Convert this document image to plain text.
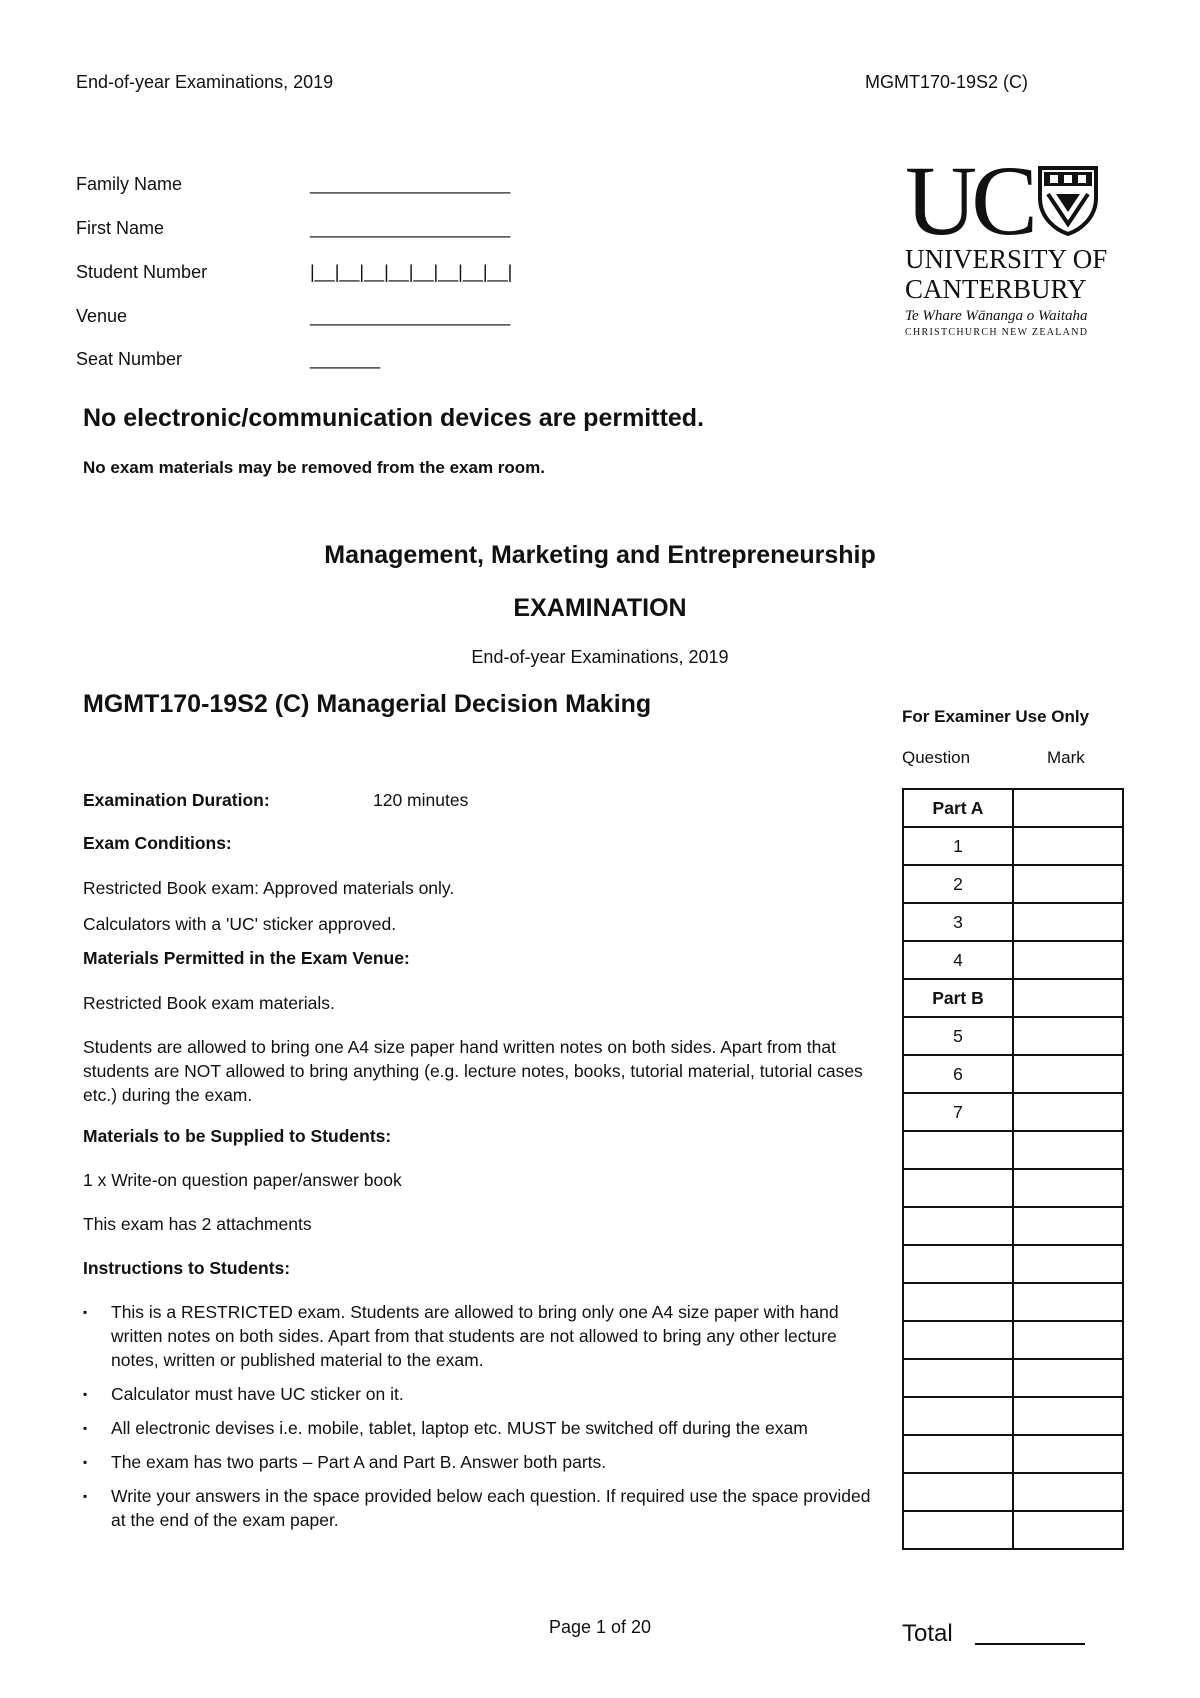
End-of-year Examinations, 2019	MGMT170-19S2 (C)
Family Name	____________________
First Name	____________________
Student Number	|__|__|__|__|__|__|__|__|
Venue	____________________
Seat Number	_______
UC
UNIVERSITY OF
CANTERBURY
Te Whare Wānanga o Waitaha
CHRISTCHURCH NEW ZEALAND
No electronic/communication devices are permitted.
No exam materials may be removed from the exam room.
Management, Marketing and Entrepreneurship
EXAMINATION
End-of-year Examinations, 2019
MGMT170-19S2 (C) Managerial Decision Making
Examination Duration:	120 minutes
Exam Conditions:
Restricted Book exam: Approved materials only.
Calculators with a 'UC' sticker approved.
Materials Permitted in the Exam Venue:
Restricted Book exam materials.
Students are allowed to bring one A4 size paper hand written notes on both sides. Apart from that students are NOT allowed to bring anything (e.g. lecture notes, books, tutorial material, tutorial cases etc.) during the exam.
Materials to be Supplied to Students:
1 x Write-on question paper/answer book
This exam has 2 attachments
Instructions to Students:
▪ This is a RESTRICTED exam. Students are allowed to bring only one A4 size paper with hand written notes on both sides. Apart from that students are not allowed to bring any other lecture notes, written or published material to the exam.
▪ Calculator must have UC sticker on it.
▪ All electronic devises i.e. mobile, tablet, laptop etc. MUST be switched off during the exam
▪ The exam has two parts – Part A and Part B. Answer both parts.
▪ Write your answers in the space provided below each question. If required use the space provided at the end of the exam paper.
For Examiner Use Only
Question	Mark
Part A	
1	
2	
3	
4	
Part B	
5	
6	
7	

Total
Page 1 of 20
